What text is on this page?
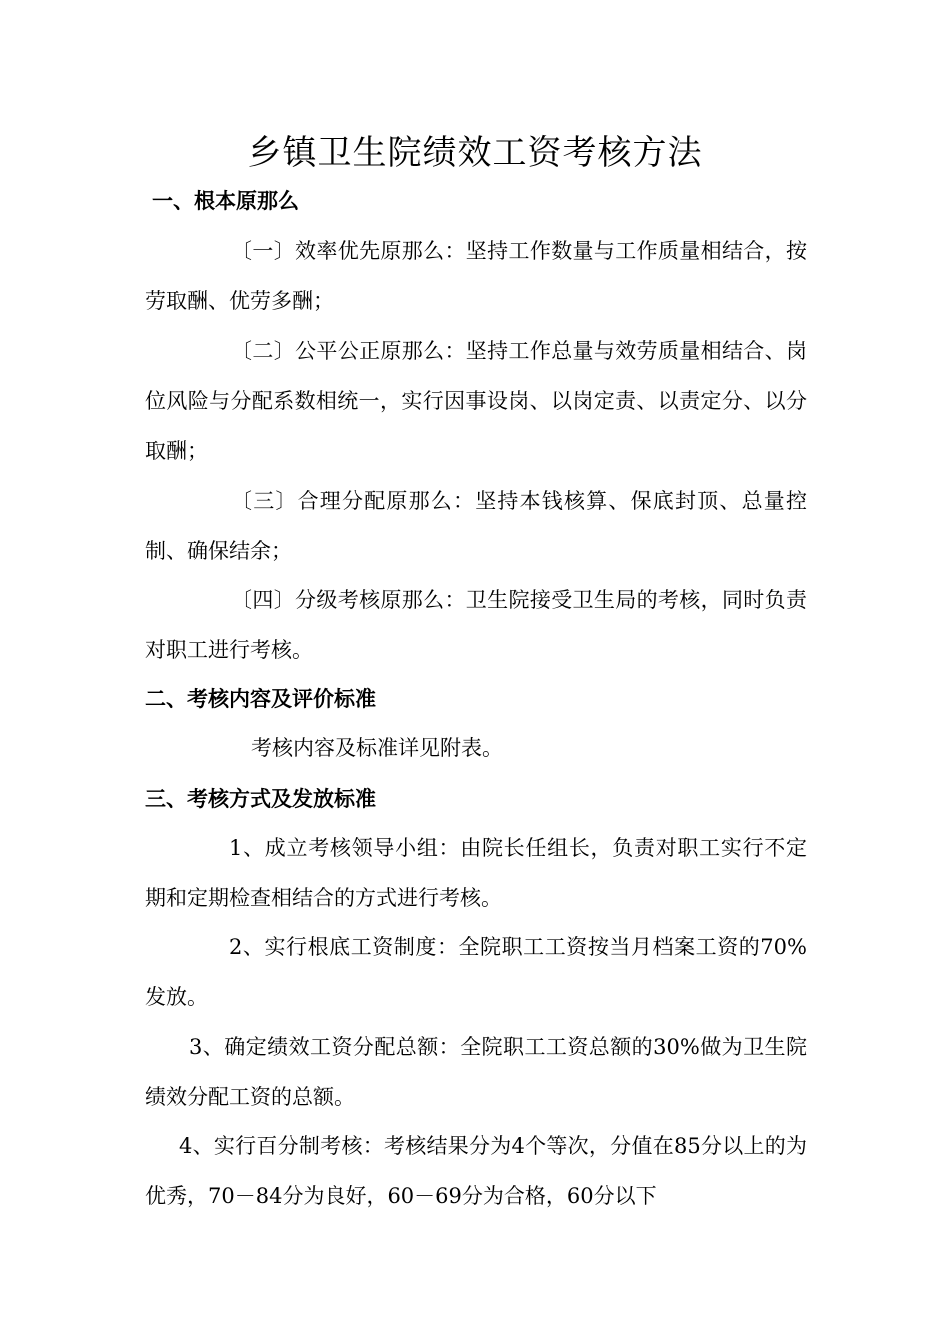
乡镇卫生院绩效工资考核方法
一、根本原那么

〔一〕效率优先原那么：坚持工作数量与工作质量相结合，按劳取酬、优劳多酬；

〔二〕公平公正原那么：坚持工作总量与效劳质量相结合、岗位风险与分配系数相统一，实行因事设岗、以岗定责、以责定分、以分取酬；

〔三〕合理分配原那么：坚持本钱核算、保底封顶、总量控制、确保结余；

〔四〕分级考核原那么：卫生院接受卫生局的考核，同时负责对职工进行考核。

二、考核内容及评价标准

考核内容及标准详见附表。

三、考核方式及发放标准

1、成立考核领导小组：由院长任组长，负责对职工实行不定期和定期检查相结合的方式进行考核。

2、实行根底工资制度：全院职工工资按当月档案工资的70%发放。

3、确定绩效工资分配总额：全院职工工资总额的30%做为卫生院绩效分配工资的总额。

4、实行百分制考核：考核结果分为4个等次，分值在85分以上的为优秀，70－84分为良好，60－69分为合格，60分以下
